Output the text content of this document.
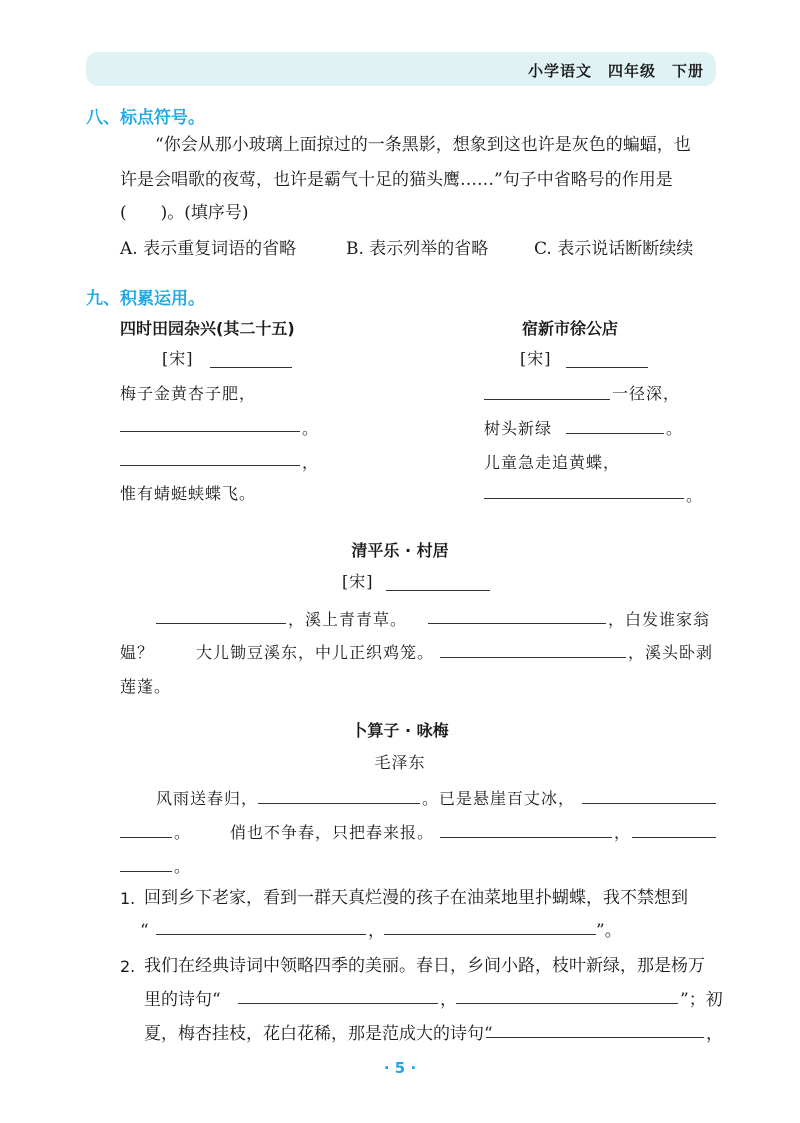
小学语文 四年级 下册
八、标点符号。
“你会从那小玻璃上面掠过的一条黑影，想象到这也许是灰色的蝙蝠，也
许是会唱歌的夜莺，也许是霸气十足的猫头鹰……”句子中省略号的作用是
(　　)。(填序号)
A. 表示重复词语的省略	B. 表示列举的省略	C. 表示说话断断续续
九、积累运用。
四时田园杂兴(其二十五)
[宋]
梅子金黄杏子肥，
。
，
惟有蜻蜓蛱蝶飞。
宿新市徐公店
[宋]
一径深，
树头新绿	。
儿童急走追黄蝶，
。
清平乐 · 村居
[宋]
，溪上青青草。	，白发谁家翁
媪？	大儿锄豆溪东，中儿正织鸡笼。	，溪头卧剥
莲蓬。
卜算子 · 咏梅
毛泽东
风雨送春归，	。已是悬崖百丈冰，
。 俏也不争春，只把春来报。	，
。
1. 回到乡下老家，看到一群天真烂漫的孩子在油菜地里扑蝴蝶，我不禁想到
“	，	”。
2. 我们在经典诗词中领略四季的美丽。春日，乡间小路，枝叶新绿，那是杨万
里的诗句“	，	”；初
夏，梅杏挂枝，花白花稀，那是范成大的诗句“	，
· 5 ·
